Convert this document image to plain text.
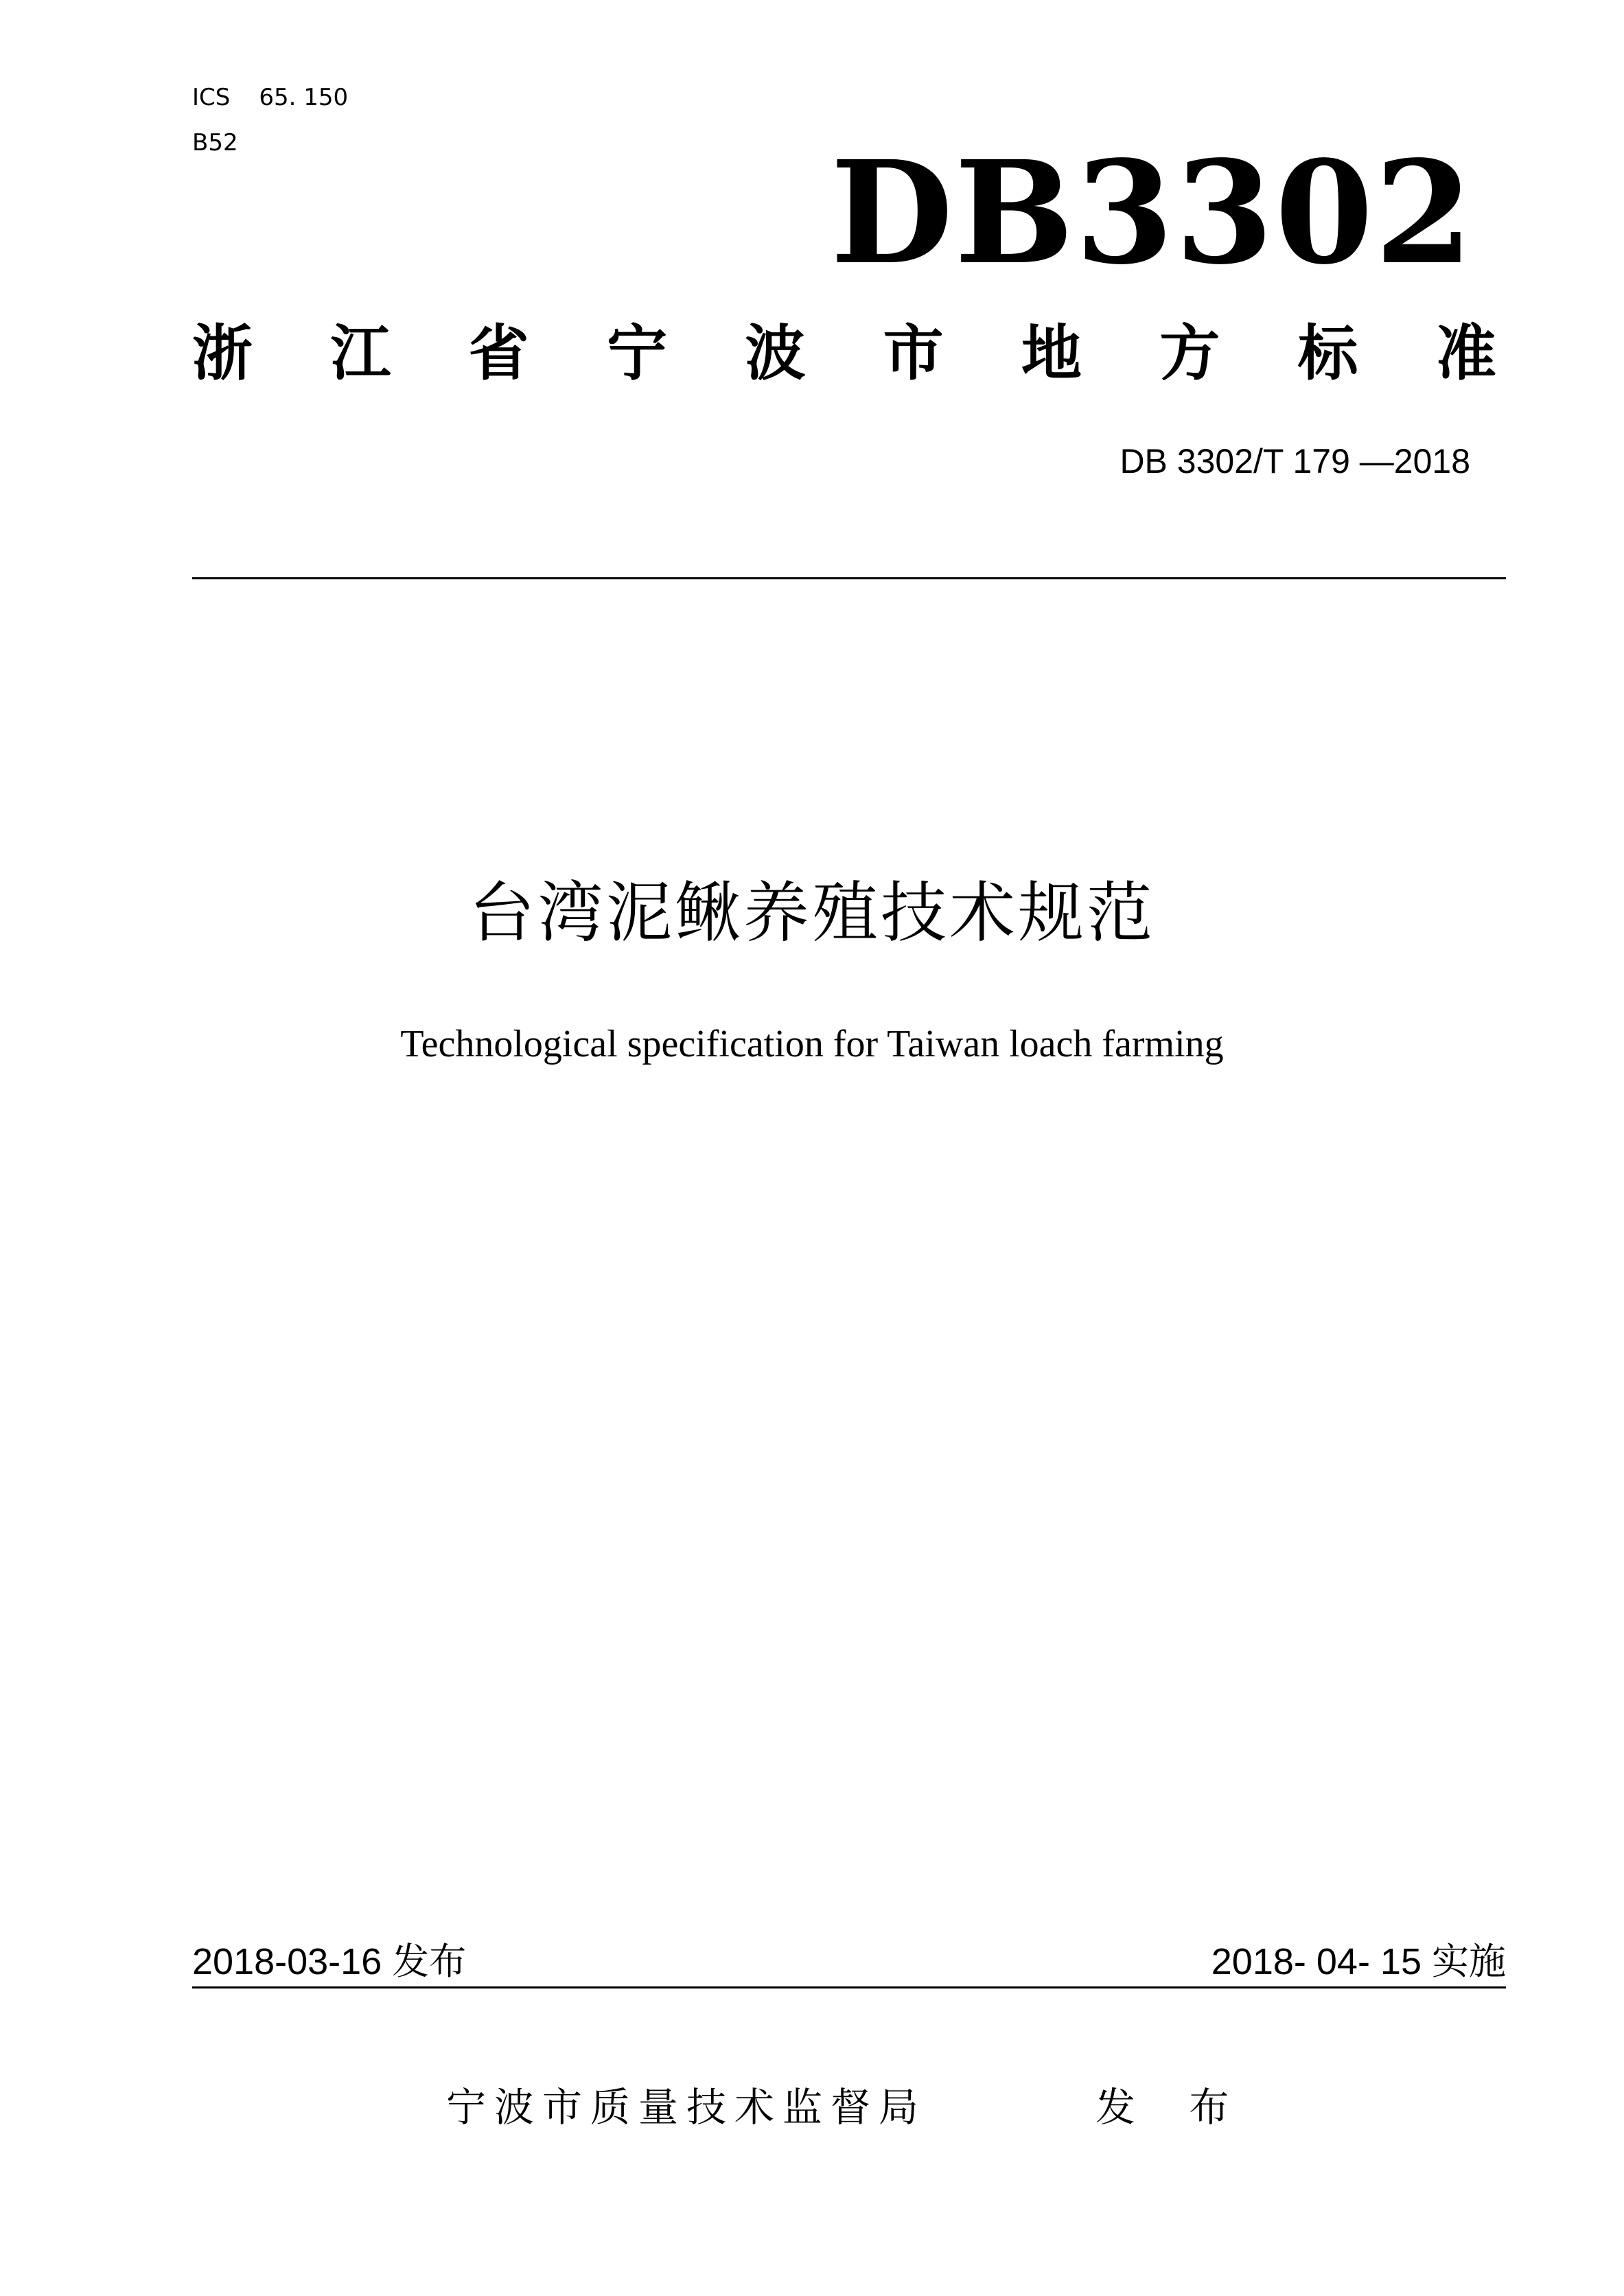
ICS 65. 150
B52	DB3302
浙 江 省 宁 波 市 地 方 标 准
DB 3302/T 179 —2018
台湾泥鳅养殖技术规范
Technological specification for Taiwan loach farming
2018-03-16 发布	2018- 04- 15 实施
宁波市质量技术监督局	发 布
